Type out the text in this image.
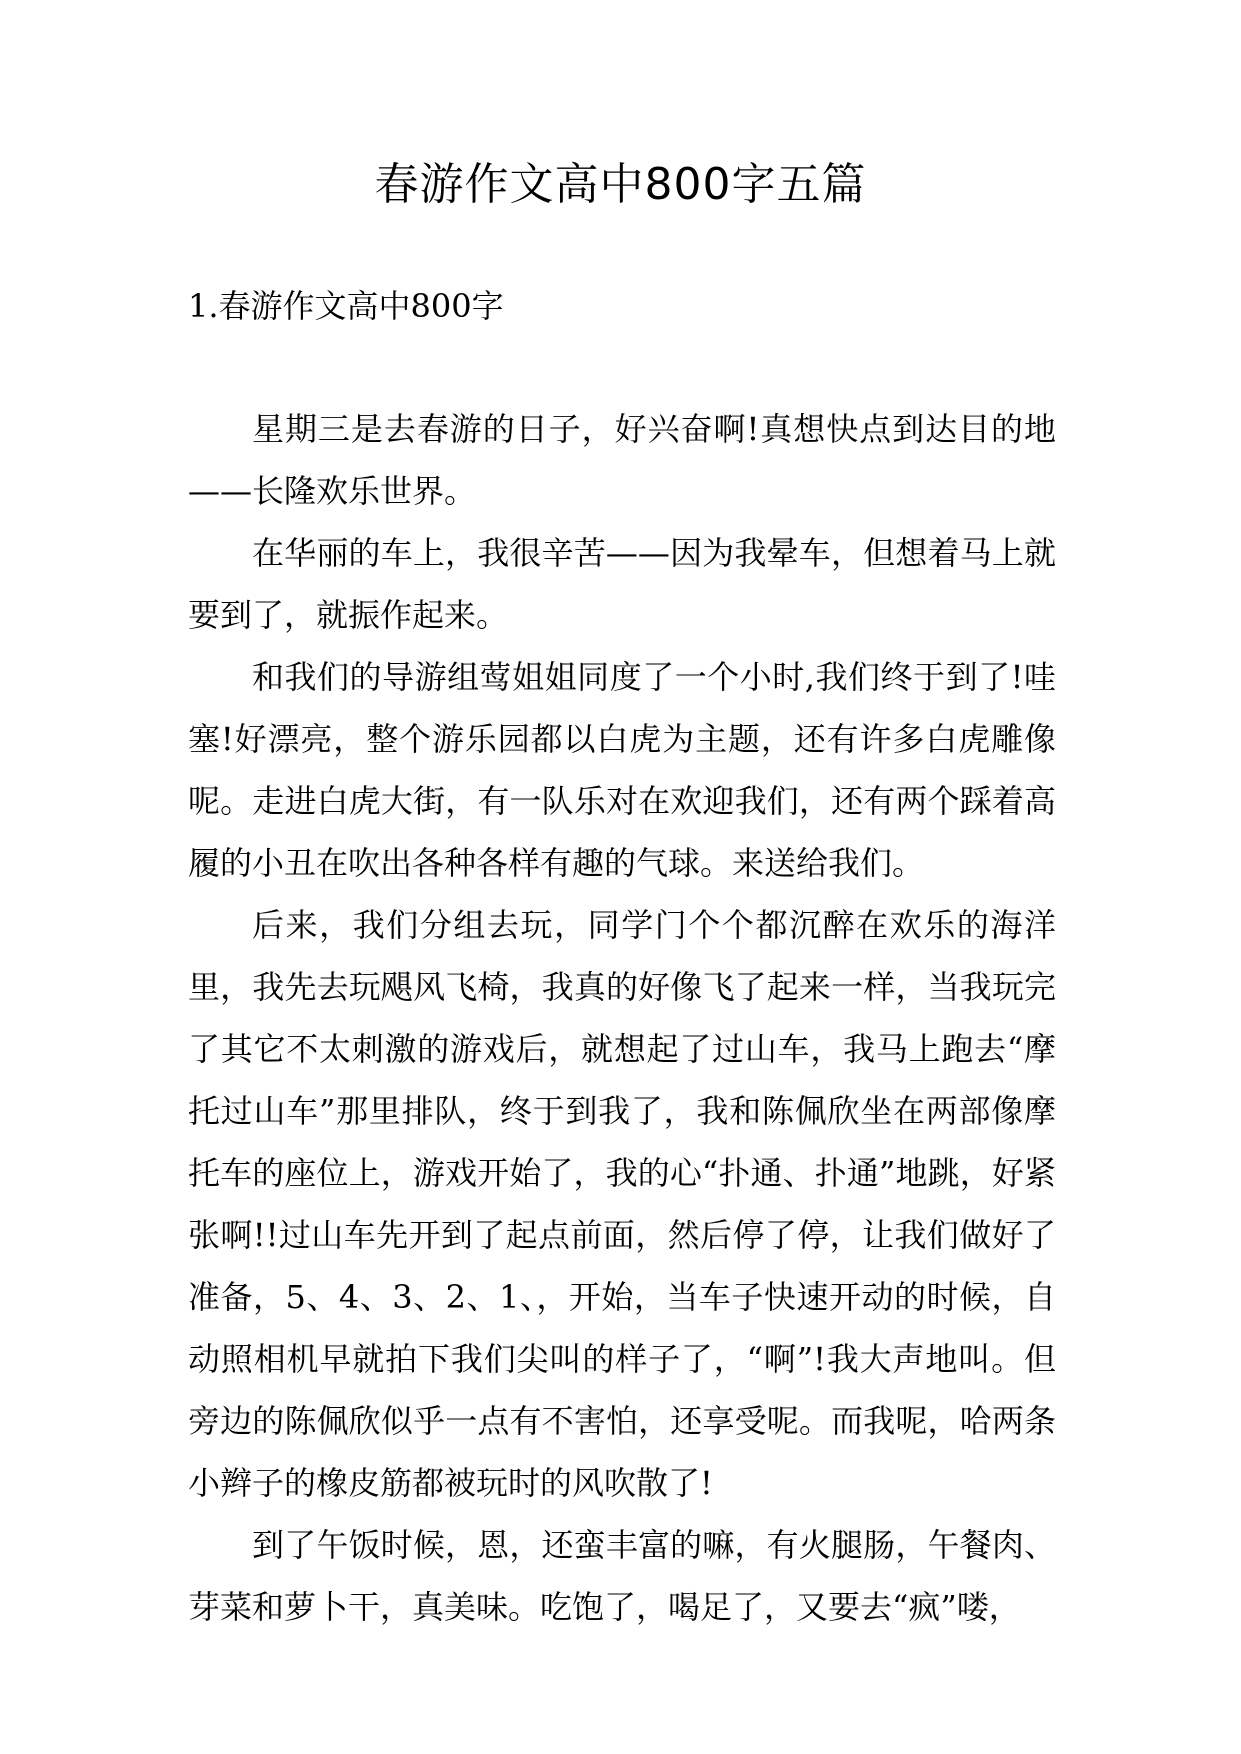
春游作文高中800字五篇
1.春游作文高中800字

星期三是去春游的日子，好兴奋啊!真想快点到达目的地——长隆欢乐世界。

在华丽的车上，我很辛苦——因为我晕车，但想着马上就要到了，就振作起来。

和我们的导游组莺姐姐同度了一个小时,我们终于到了!哇塞!好漂亮，整个游乐园都以白虎为主题，还有许多白虎雕像呢。走进白虎大街，有一队乐对在欢迎我们，还有两个踩着高履的小丑在吹出各种各样有趣的气球。来送给我们。

后来，我们分组去玩，同学门个个都沉醉在欢乐的海洋里，我先去玩飓风飞椅，我真的好像飞了起来一样，当我玩完了其它不太刺激的游戏后，就想起了过山车，我马上跑去“摩托过山车”那里排队，终于到我了，我和陈佩欣坐在两部像摩托车的座位上，游戏开始了，我的心“扑通、扑通”地跳，好紧张啊!!过山车先开到了起点前面，然后停了停，让我们做好了准备，5、4、3、2、1、，开始，当车子快速开动的时候，自动照相机早就拍下我们尖叫的样子了，“啊”!我大声地叫。但旁边的陈佩欣似乎一点有不害怕，还享受呢。而我呢，哈两条小辫子的橡皮筋都被玩时的风吹散了!

到了午饭时候，恩，还蛮丰富的嘛，有火腿肠，午餐肉、芽菜和萝卜干，真美味。吃饱了，喝足了，又要去“疯”喽，
